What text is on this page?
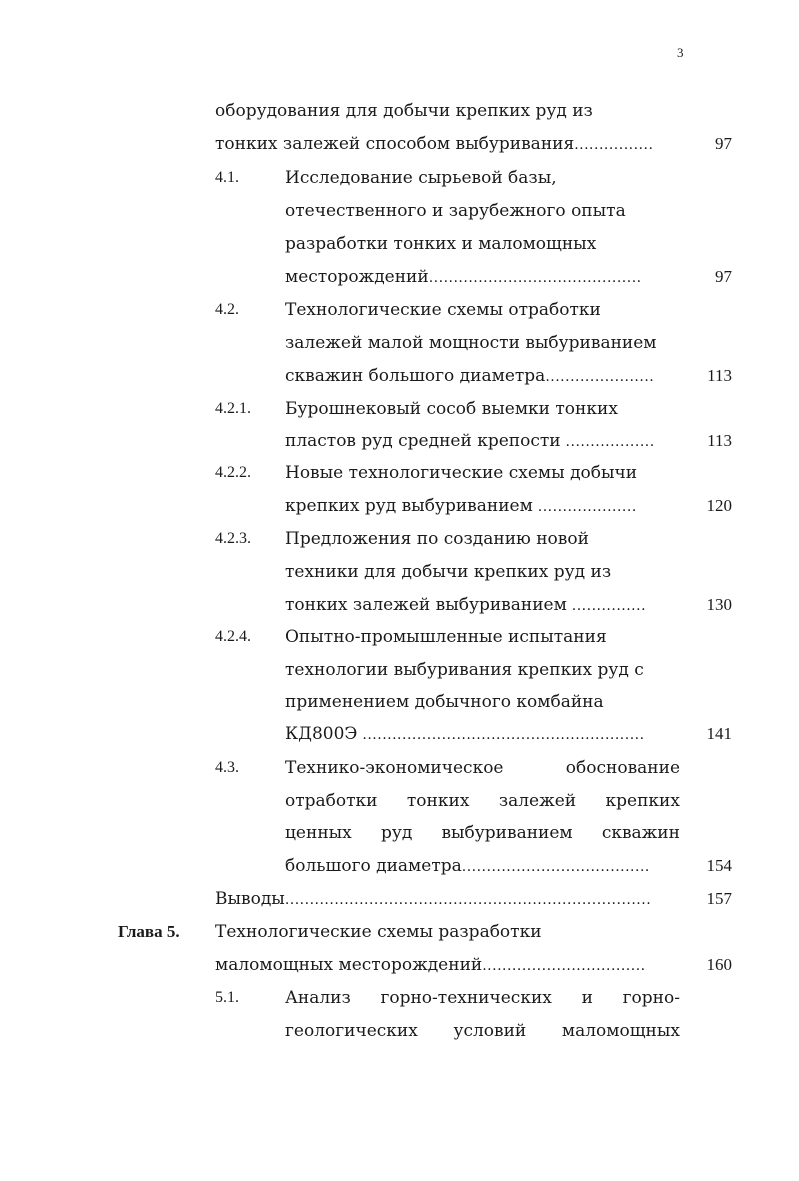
3
оборудования для добычи крепких руд из
тонких залежей способом выбуривания................	97
4.1.	Исследование сырьевой базы,
отечественного и зарубежного опыта
разработки тонких и маломощных
месторождений...........................................	97
4.2.	Технологические схемы отработки
залежей малой мощности выбуриванием
скважин большого диаметра......................	113
4.2.1. Бурошнековый сособ выемки тонких
пластов руд средней крепости ..................	113
4.2.2. Новые технологические схемы добычи
крепких руд выбуриванием ....................	120
4.2.3. Предложения по созданию новой
техники для добычи крепких руд из
тонких залежей выбуриванием ...............	130
4.2.4. Опытно-промышленные испытания
технологии выбуривания крепких руд с
применением добычного комбайна
КД800Э .........................................................	141
4.3.	Технико-экономическое	обоснование
отработки тонких залежей крепких
ценных руд выбуриванием скважин
большого диаметра......................................	154
Выводы..........................................................................	157
Глава 5. Технологические схемы разработки
маломощных месторождений.................................	160
5.1.	Анализ горно-технических и горно-
геологических условий маломощных
